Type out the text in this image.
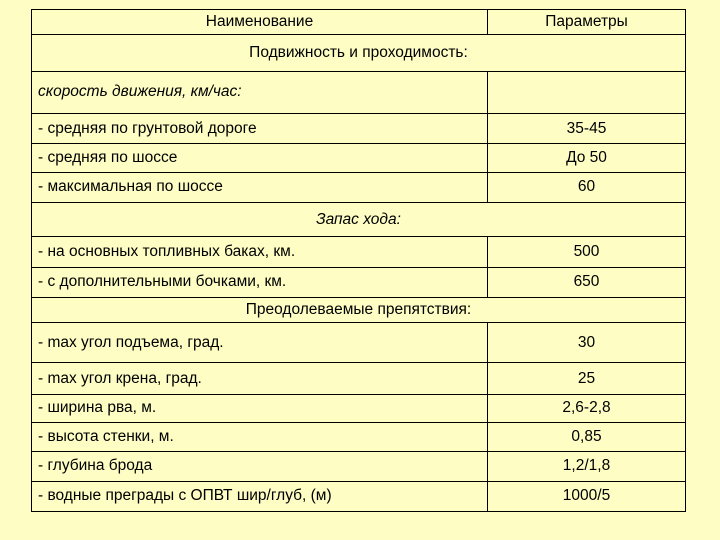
Наименование	Параметры
Подвижность и проходимость:	
скорость движения, км/час:	
- средняя по грунтовой дороге	35-45
- средняя по шоссе	До 50
- максимальная по шоссе	60
Запас хода:	
- на основных топливных баках, км.	500
- с дополнительными бочками, км.	650
Преодолеваемые препятствия:	
- max угол подъема, град.	30
- max угол крена, град.	25
- ширина рва, м.	2,6-2,8
- высота стенки, м.	0,85
- глубина брода	1,2/1,8
- водные преграды с ОПВТ шир/глуб, (м)	1000/5
